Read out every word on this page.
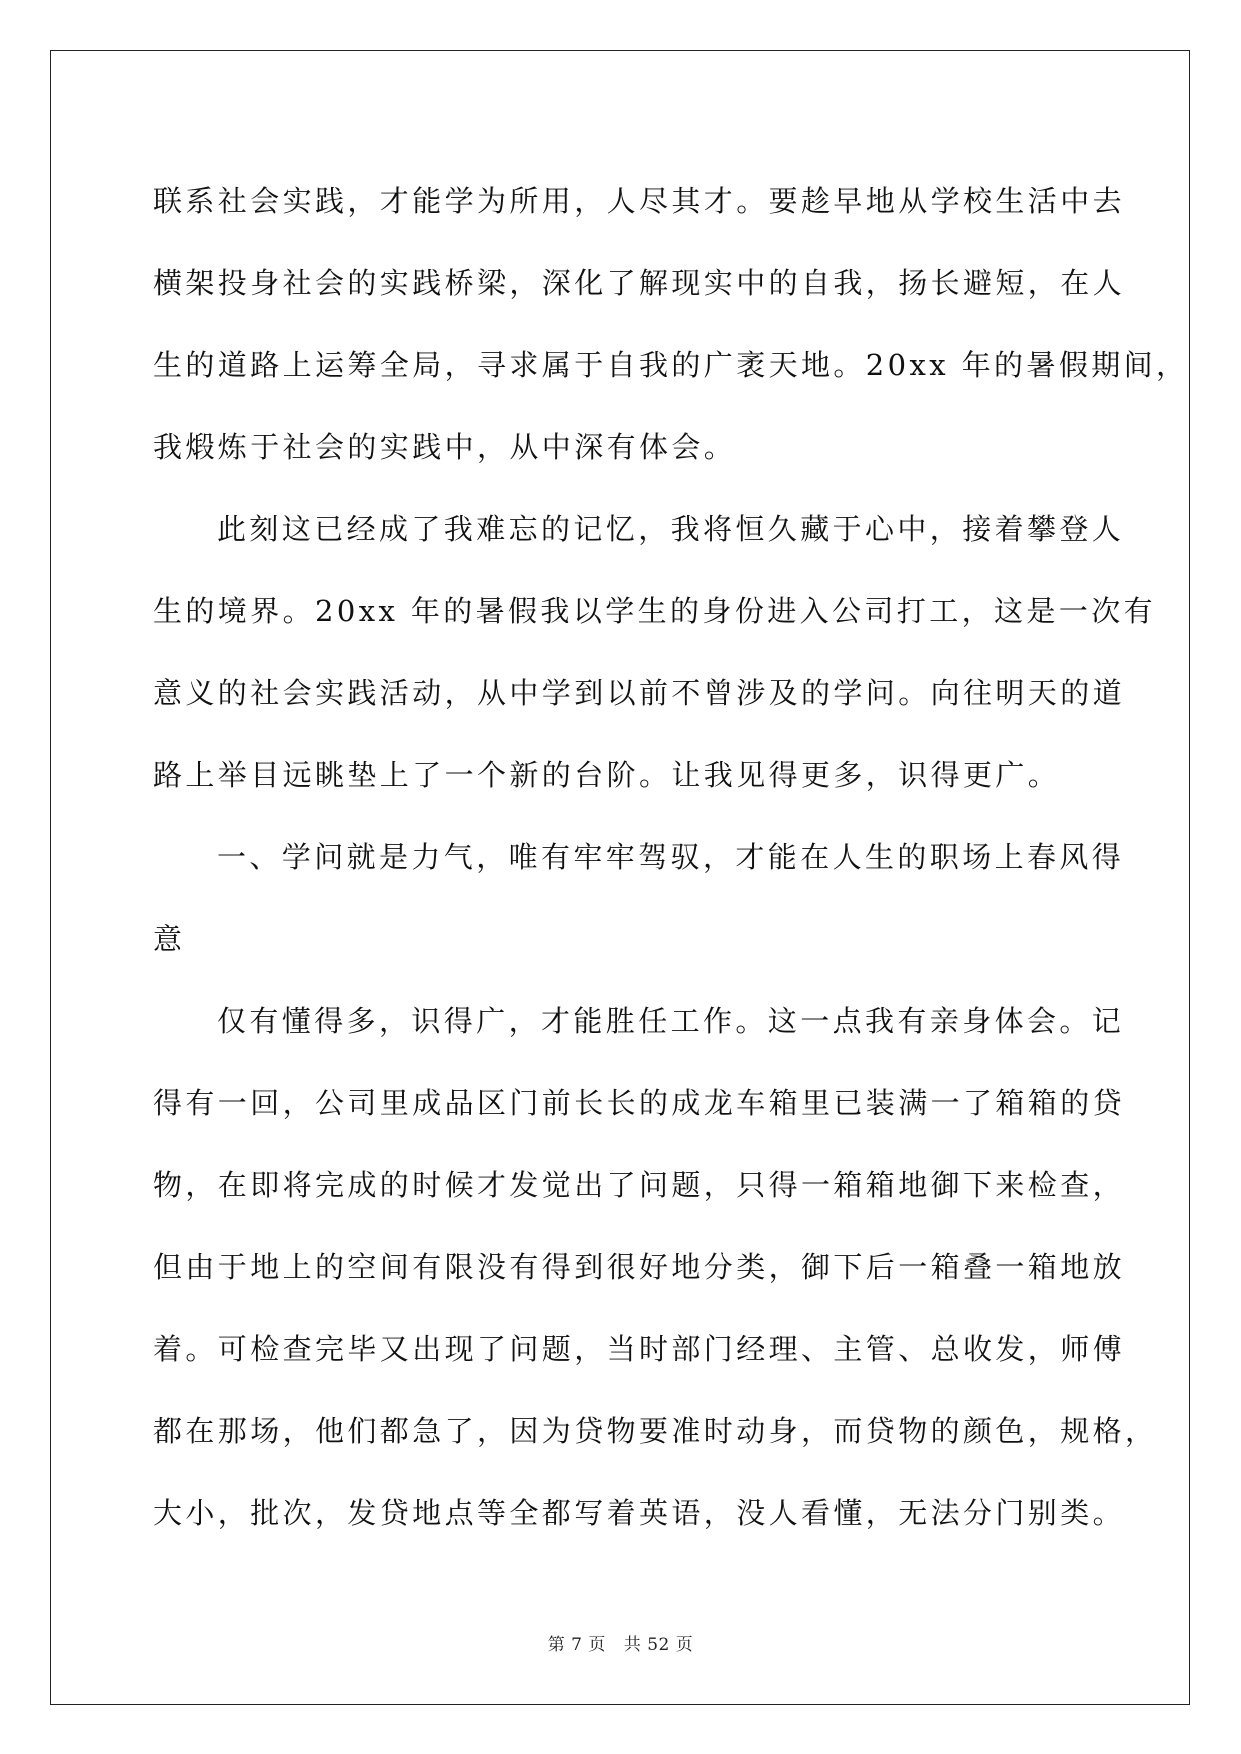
联系社会实践，才能学为所用，人尽其才。要趁早地从学校生活中去
横架投身社会的实践桥梁，深化了解现实中的自我，扬长避短，在人
生的道路上运筹全局，寻求属于自我的广袤天地。20xx 年的暑假期间，
我煅炼于社会的实践中，从中深有体会。
此刻这已经成了我难忘的记忆，我将恒久藏于心中，接着攀登人
生的境界。20xx 年的暑假我以学生的身份进入公司打工，这是一次有
意义的社会实践活动，从中学到以前不曾涉及的学问。向往明天的道
路上举目远眺垫上了一个新的台阶。让我见得更多，识得更广。
一、学问就是力气，唯有牢牢驾驭，才能在人生的职场上春风得
意
仅有懂得多，识得广，才能胜任工作。这一点我有亲身体会。记
得有一回，公司里成品区门前长长的成龙车箱里已装满一了箱箱的贷
物，在即将完成的时候才发觉出了问题，只得一箱箱地御下来检查，
但由于地上的空间有限没有得到很好地分类，御下后一箱叠一箱地放
着。可检查完毕又出现了问题，当时部门经理、主管、总收发，师傅
都在那场，他们都急了，因为贷物要准时动身，而贷物的颜色，规格，
大小，批次，发贷地点等全都写着英语，没人看懂，无法分门别类。
第 7 页 共 52 页
